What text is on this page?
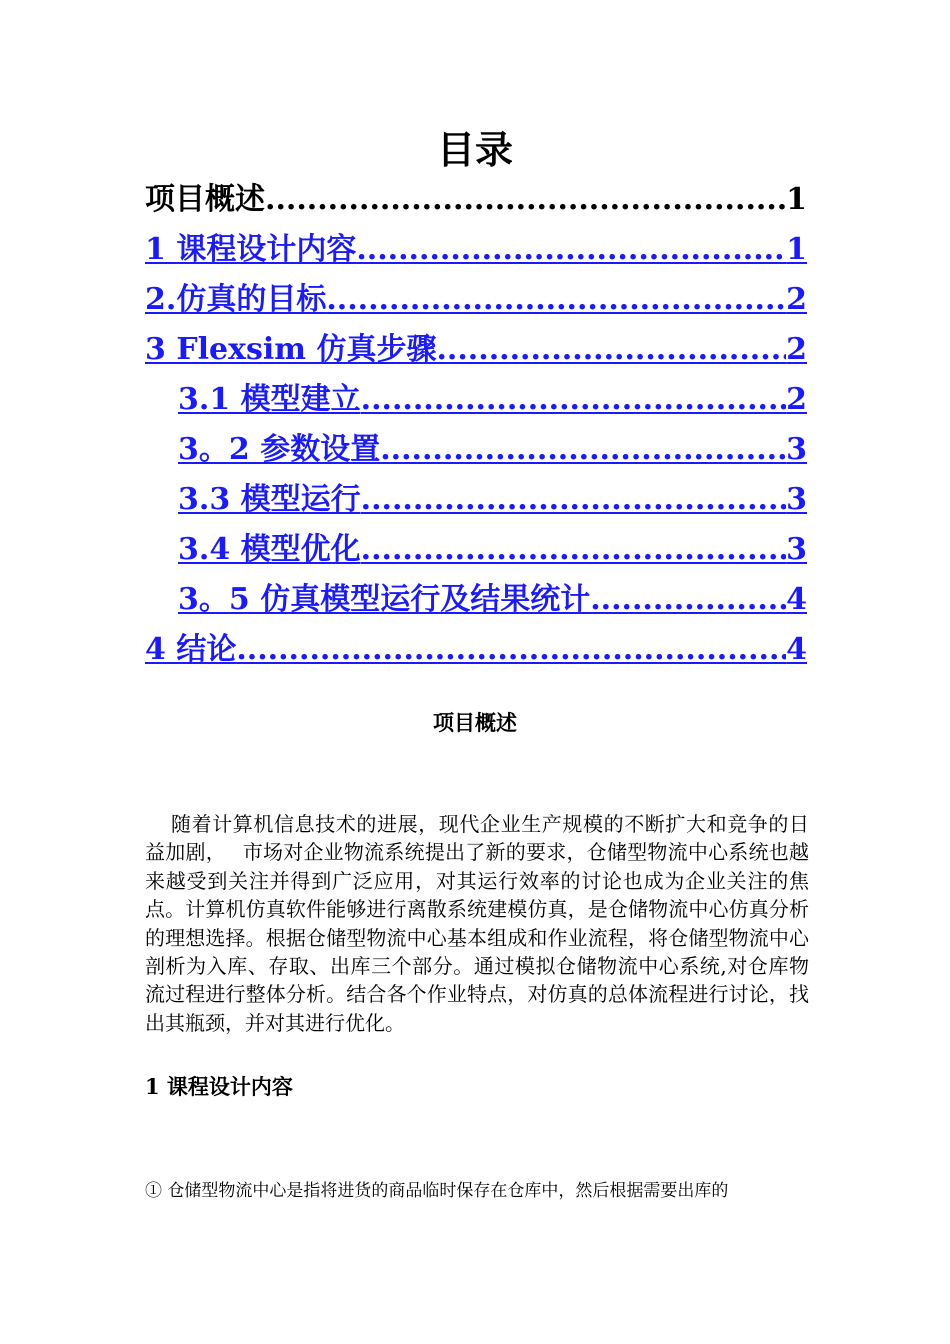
目录
项目概述 .....	1
1 课程设计内容 .....	1
2.仿真的目标 .....	2
3 Flexsim 仿真步骤 .....	2
3.1 模型建立 .....	2
3。2 参数设置 .....	3
3.3 模型运行 .....	3
3.4 模型优化 .....	3
3。5 仿真模型运行及结果统计 .....	4
4 结论 .....	4
项目概述

随着计算机信息技术的进展，现代企业生产规模的不断扩大和竞争的日益加剧，　 市场对企业物流系统提出了新的要求，仓储型物流中心系统也越来越受到关注并得到广泛应用，对其运行效率的讨论也成为企业关注的焦点。计算机仿真软件能够进行离散系统建模仿真，是仓储物流中心仿真分析的理想选择。根据仓储型物流中心基本组成和作业流程，将仓储型物流中心剖析为入库、存取、出库三个部分。通过模拟仓储物流中心系统,对仓库物流过程进行整体分析。结合各个作业特点，对仿真的总体流程进行讨论，找出其瓶颈，并对其进行优化。

1 课程设计内容
① 仓储型物流中心是指将进货的商品临时保存在仓库中，然后根据需要出库的
